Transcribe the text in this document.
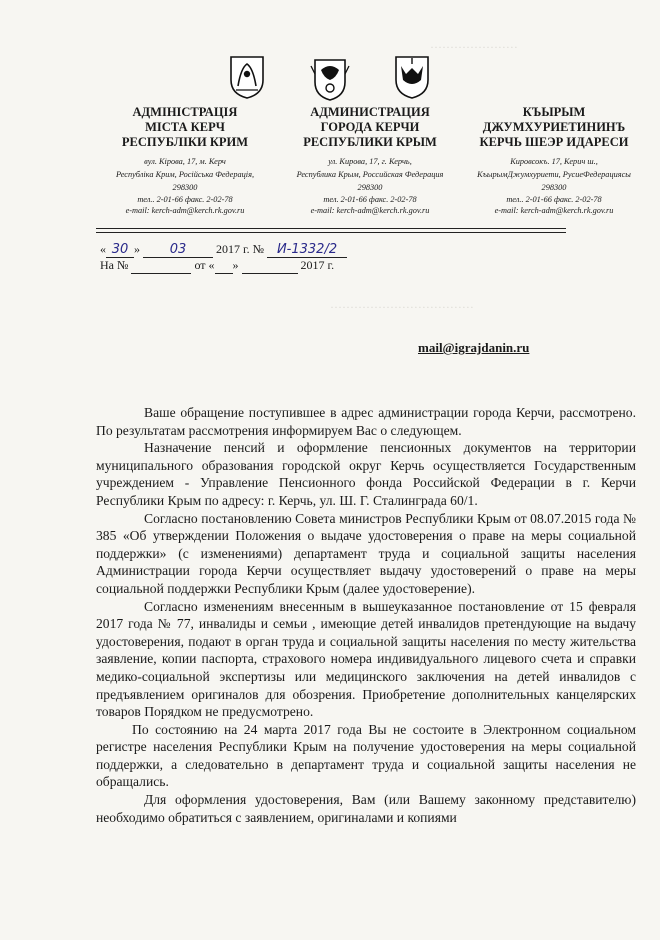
······················
····································
АДМІНІСТРАЦІЯ
МІСТА КЕРЧ
РЕСПУБЛІКИ КРИМ
вул. Кірова, 17, м. Керч
Республіка Крим, Російська Федерація,
298300
тел.. 2-01-66 факс. 2-02-78
e-mail: kerch-adm@kerch.rk.gov.ru
АДМИНИСТРАЦИЯ
ГОРОДА КЕРЧИ
РЕСПУБЛИКИ КРЫМ
ул. Кирова, 17, г. Керчь,
Республика Крым, Российская Федерация
298300
тел. 2-01-66 факс. 2-02-78
e-mail: kerch-adm@kerch.rk.gov.ru
КЪЫРЫМ
ДЖУМХУРИЕТИНИНЪ
КЕРЧЬ ШЕЭР ИДАРЕСИ
Кировсокъ. 17, Керич ш.,
КъырымДжумхуриети, РусиеФедерациясы
298300
тел.. 2-01-66 факс. 2-02-78
e-mail: kerch-adm@kerch.rk.gov.ru
« 30 » 03 2017 г. № И-1332/2
На №	от « »	2017 г.
mail@igrajdanin.ru

Ваше обращение поступившее в адрес администрации города Керчи, рассмотрено. По результатам рассмотрения информируем Вас о следующем.

Назначение пенсий и оформление пенсионных документов на территории муниципального образования городской округ Керчь осуществляется Государственным учреждением - Управление Пенсионного фонда Российской Федерации в г. Керчи Республики Крым по адресу: г. Керчь, ул. Ш. Г. Сталинграда 60/1.

Согласно постановлению Совета министров Республики Крым от 08.07.2015 года № 385 «Об утверждении Положения о выдаче удостоверения о праве на меры социальной поддержки» (с изменениями) департамент труда и социальной защиты населения Администрации города Керчи осуществляет выдачу удостоверений о праве на меры социальной поддержки Республики Крым (далее удостоверение).

Согласно изменениям внесенным в вышеуказанное постановление от 15 февраля 2017 года № 77, инвалиды и семьи , имеющие детей инвалидов претендующие на выдачу удостоверения, подают в орган труда и социальной защиты населения по месту жительства заявление, копии паспорта, страхового номера индивидуального лицевого счета и справки медико-социальной экспертизы или медицинского заключения на детей инвалидов с предъявлением оригиналов для обозрения. Приобретение дополнительных канцелярских товаров Порядком не предусмотрено.

По состоянию на 24 марта 2017 года Вы не состоите в Электронном социальном регистре населения Республики Крым на получение удостоверения на меры социальной поддержки, а следовательно в департамент труда и социальной защиты населения не обращались.

Для оформления удостоверения, Вам (или Вашему законному представителю) необходимо обратиться с заявлением, оригиналами и копиями
